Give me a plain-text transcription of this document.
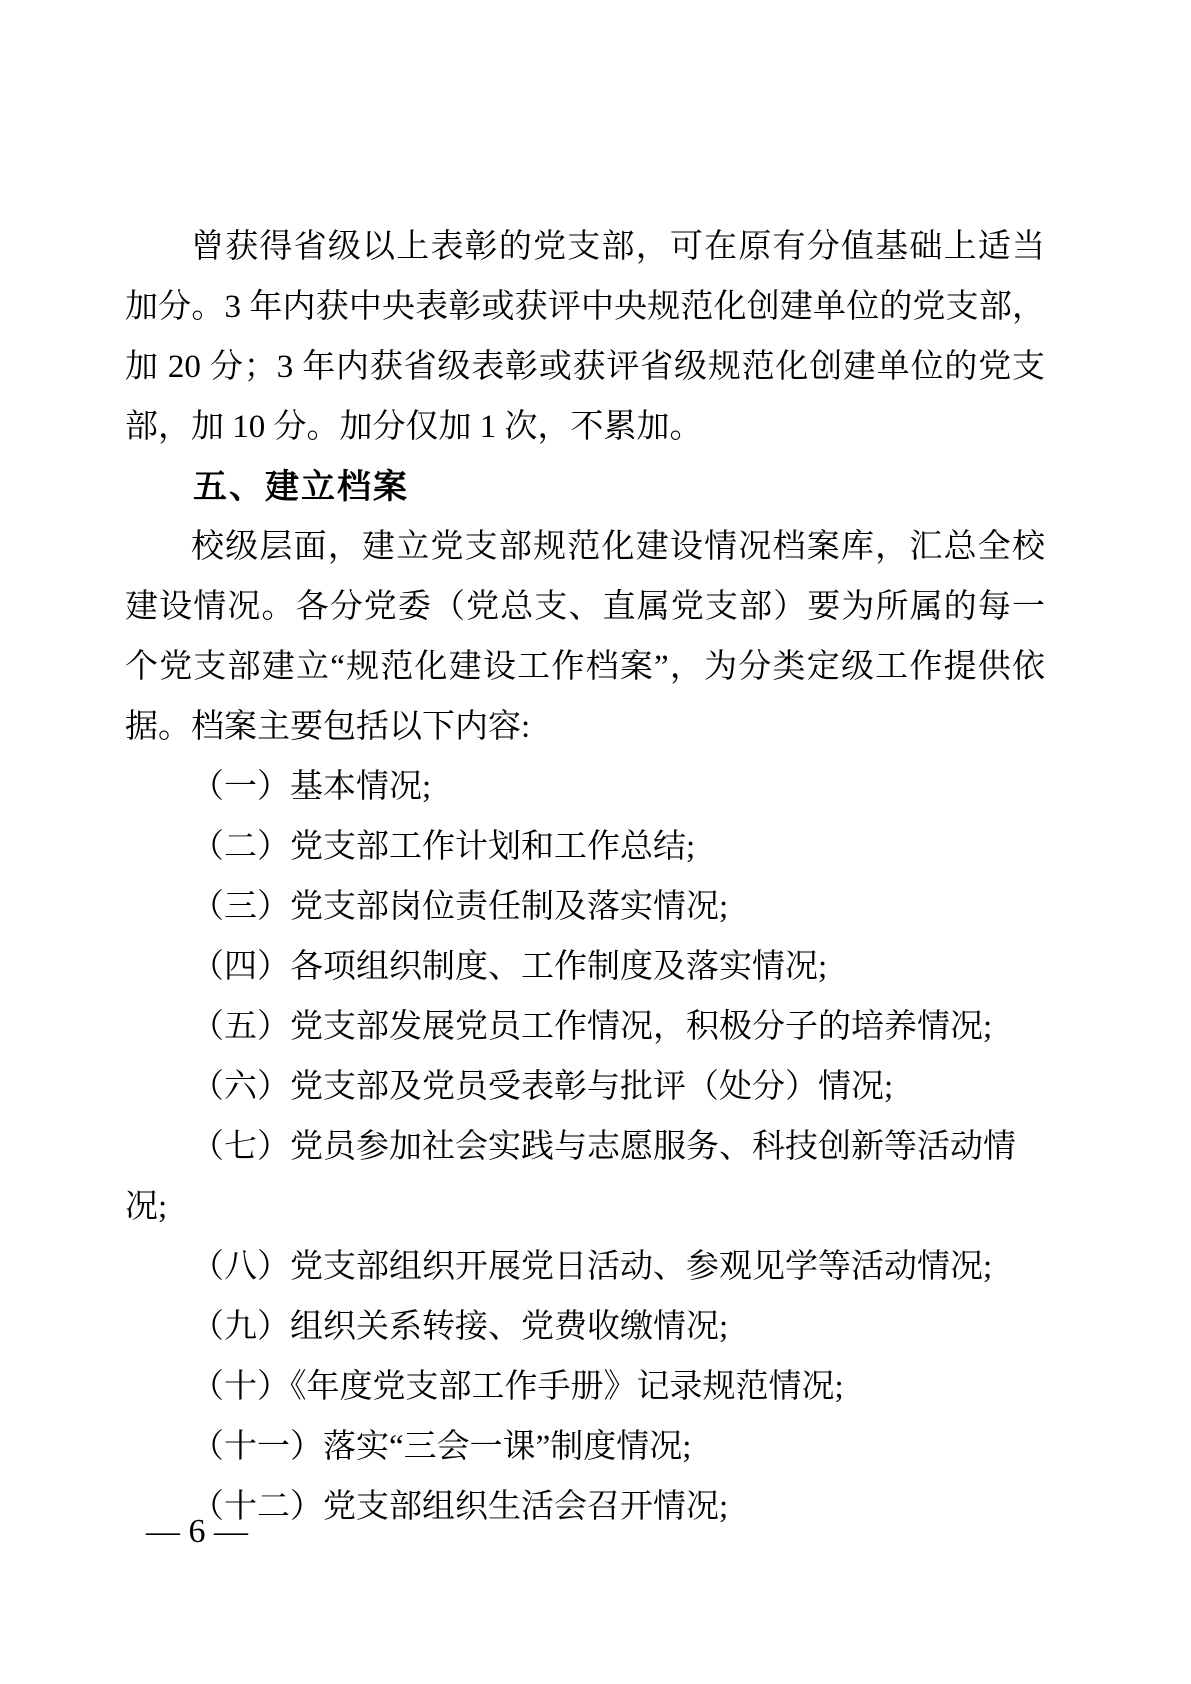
曾获得省级以上表彰的党支部，可在原有分值基础上适当加分。3 年内获中央表彰或获评中央规范化创建单位的党支部，加 20 分；3 年内获省级表彰或获评省级规范化创建单位的党支部，加 10 分。加分仅加 1 次，不累加。

五、建立档案

校级层面，建立党支部规范化建设情况档案库，汇总全校建设情况。各分党委（党总支、直属党支部）要为所属的每一个党支部建立“规范化建设工作档案”，为分类定级工作提供依据。档案主要包括以下内容:

（一）基本情况;

（二）党支部工作计划和工作总结;

（三）党支部岗位责任制及落实情况;

（四）各项组织制度、工作制度及落实情况;

（五）党支部发展党员工作情况，积极分子的培养情况;

（六）党支部及党员受表彰与批评（处分）情况;

（七）党员参加社会实践与志愿服务、科技创新等活动情况;

（八）党支部组织开展党日活动、参观见学等活动情况;

（九）组织关系转接、党费收缴情况;

（十）《年度党支部工作手册》记录规范情况;

（十一）落实“三会一课”制度情况;

（十二）党支部组织生活会召开情况;

— 6 —
